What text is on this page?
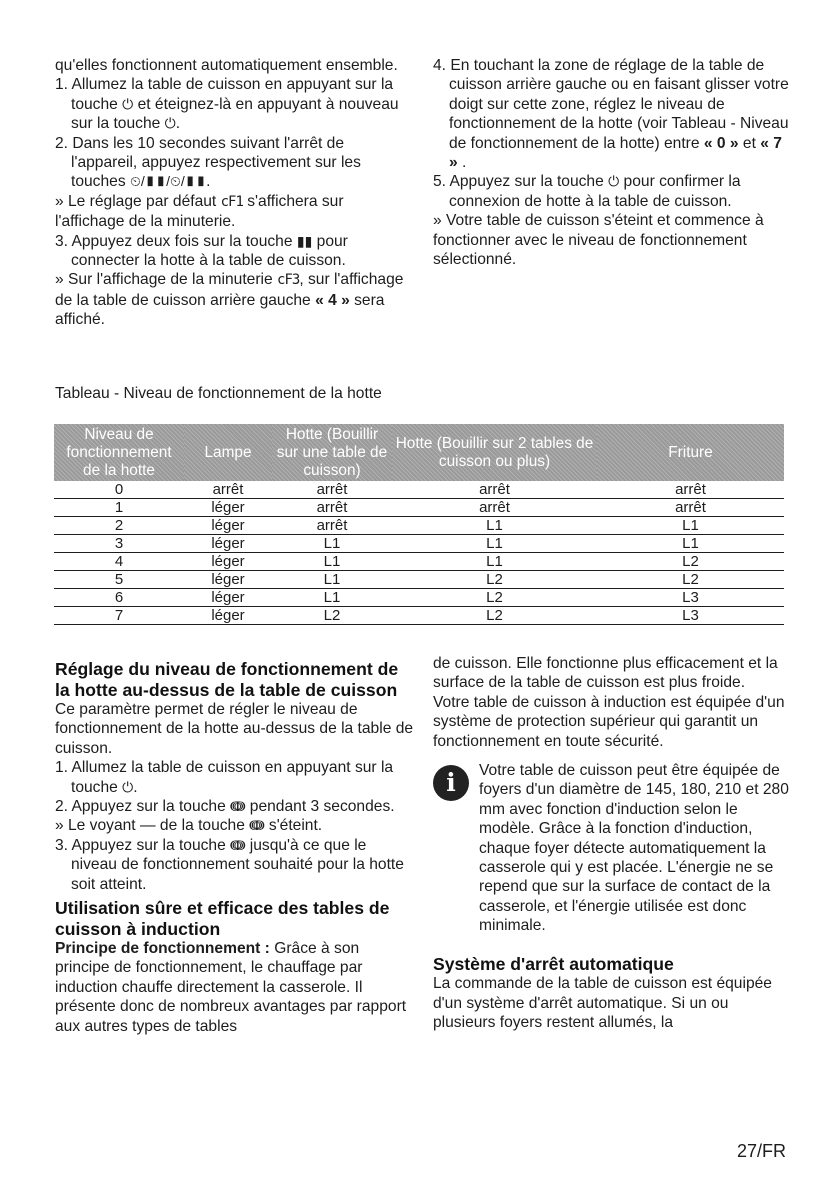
qu'elles fonctionnent automatiquement ensemble.

1. Allumez la table de cuisson en appuyant sur la touche ⏻ et éteignez-là en appuyant à nouveau sur la touche ⏻.

2. Dans les 10 secondes suivant l'arrêt de l'appareil, appuyez respectivement sur les touches ⏲/▮▮/⏲/▮▮.

» Le réglage par défaut cF1 s'affichera sur l'affichage de la minuterie.

3. Appuyez deux fois sur la touche ▮▮ pour connecter la hotte à la table de cuisson.

» Sur l'affichage de la minuterie cF3, sur l'affichage de la table de cuisson arrière gauche « 4 » sera affiché.

4. En touchant la zone de réglage de la table de cuisson arrière gauche ou en faisant glisser votre doigt sur cette zone, réglez le niveau de fonctionnement de la hotte (voir Tableau - Niveau de fonctionnement de la hotte) entre « 0 » et « 7 » .

5. Appuyez sur la touche ⏻ pour confirmer la connexion de hotte à la table de cuisson.

» Votre table de cuisson s'éteint et commence à fonctionner avec le niveau de fonctionnement sélectionné.

Tableau - Niveau de fonctionnement de la hotte
Niveau de fonctionnement de la hotte	Lampe	Hotte (Bouillir sur une table de cuisson)	Hotte (Bouillir sur 2 tables de cuisson ou plus)	Friture
0	arrêt	arrêt	arrêt	arrêt
1	léger	arrêt	arrêt	arrêt
2	léger	arrêt	L1	L1
3	léger	L1	L1	L1
4	léger	L1	L1	L2
5	léger	L1	L2	L2
6	léger	L1	L2	L3
7	léger	L2	L2	L3
Réglage du niveau de fonctionnement de la hotte au-dessus de la table de cuisson

Ce paramètre permet de régler le niveau de fonctionnement de la hotte au-dessus de la table de cuisson.

1. Allumez la table de cuisson en appuyant sur la touche ⏻.

2. Appuyez sur la touche ↈ pendant 3 secondes.

» Le voyant — de la touche ↈ s'éteint.

3. Appuyez sur la touche ↈ jusqu'à ce que le niveau de fonctionnement souhaité pour la hotte soit atteint.

Utilisation sûre et efficace des tables de cuisson à induction

Principe de fonctionnement : Grâce à son principe de fonctionnement, le chauffage par induction chauffe directement la casserole. Il présente donc de nombreux avantages par rapport aux autres types de tables

de cuisson. Elle fonctionne plus efficacement et la surface de la table de cuisson est plus froide.

Votre table de cuisson à induction est équipée d'un système de protection supérieur qui garantit un fonctionnement en toute sécurité.

i	Votre table de cuisson peut être équipée de foyers d'un diamètre de 145, 180, 210 et 280 mm avec fonction d'induction selon le modèle. Grâce à la fonction d'induction, chaque foyer détecte automatiquement la casserole qui y est placée. L'énergie ne se repend que sur la surface de contact de la casserole, et l'énergie utilisée est donc minimale.

Système d'arrêt automatique

La commande de la table de cuisson est équipée d'un système d'arrêt automatique. Si un ou plusieurs foyers restent allumés, la

27/FR
